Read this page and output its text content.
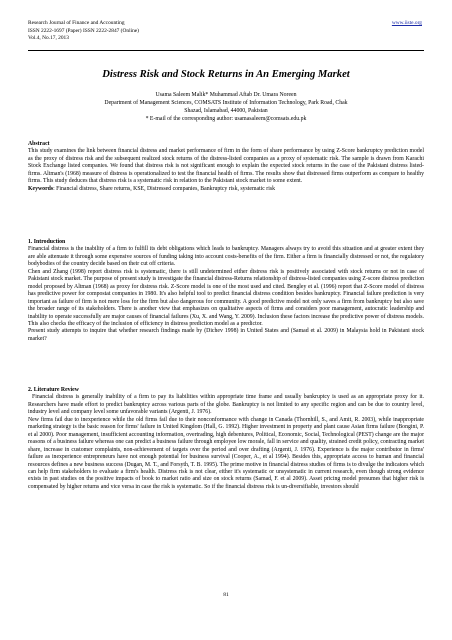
Research Journal of Finance and Accounting
ISSN 2222-1697 (Paper) ISSN 2222-2847 (Online)
Vol.4, No.17, 2013
www.iiste.org
Distress Risk and Stock Returns in An Emerging Market
Usama Saleem Malik* Muhammad Aftab Dr. Umara Noreen
Department of Management Sciences, COMSATS Institute of Information Technology, Park Road, Chak
Shazad, Islamabad, 44000, Pakistan
* E-mail of the corresponding author: usamasaleem@comsats.edu.pk
Abstract

This study examines the link between financial distress and market performance of firm in the form of share performance by using Z-Score bankruptcy prediction model as the proxy of distress risk and the subsequent realized stock returns of the distress-listed companies as a proxy of systematic risk. The sample is drawn from Karachi Stock Exchange listed companies. We found that distress risk is not significant enough to explain the expected stock returns in the case of the Pakistani distress listed-firms. Altman's (1968) measure of distress is operationalized to test the financial health of firms. The results show that distressed firms outperform as compare to healthy firms. This study deduces that distress risk is a systematic risk in relation to the Pakistani stock market to some extent.

Keywords: Financial distress, Share returns, KSE, Distressed companies, Bankruptcy risk, systematic risk

1. Introduction

Financial distress is the inability of a firm to fulfill its debt obligations which leads to bankruptcy. Managers always try to avoid this situation and at greater extent they are able attenuate it through some expensive sources of funding taking into account costs-benefits of the firm. Either a firm is financially distressed or not, the regulatory bodybodies of the country decide based on their cut off criteria.

Chen and Zhang (1998) report distress risk is systematic, there is still undetermined either distress risk is positively associated with stock returns or not in case of Pakistani stock market. The purpose of present study is investigate the financial distress-Returns relationship of distress-listed companies using Z-score distress prediction model proposed by Altman (1968) as proxy for distress risk. Z-Score model is one of the most used and cited. Bengley et al. (1996) report that Z-Score model of distress has predictive power for compostat companies in 1980. It's also helpful tool to predict financial distress condition besides bankruptcy. Financial failure prediction is very important as failure of firm is not mere loss for the firm but also dangerous for community. A good predictive model not only saves a firm from bankruptcy but also save the broader range of its stakeholders. There is another view that emphasizes on qualitative aspects of firms and considers poor management, autocratic leadership and inability to operate successfully are major causes of financial failures (Xu, X. and Wang, Y. 2009). Inclusion these factors increase the predictive power of distress models. This also checks the efficacy of the inclusion of efficiency in distress prediction model as a predictor.

Present study attempts to inquire that whether research findings made by (Dichev 1998) in United States and (Samad et al. 2009) in Malaysia hold in Pakistani stock market?

2. Literature Review

Financial distress is generally inability of a firm to pay its liabilities within appropriate time frame and usually bankruptcy is used as an appropriate proxy for it. Researchers have made effort to predict bankruptcy across various parts of the globe. Bankruptcy is not limited to any specific region and can be due to country level, industry level and company level some unfavorable variants (Argenti, J. 1976).

New firms fail due to inexperience while the old firms fail due to their nonconformance with change in Canada (Thornhill, S., and Amit, R. 2003), while inappropriate marketing strategy is the basic reason for firms' failure in United Kingdom (Hall, G. 1992). Higher investment in property and plant cause Asian firms failure (Bongini, P. et al 2000). Poor management, insufficient accounting information, overtrading, high debentures, Political, Economic, Social, Technological (PEST) change are the major reasons of a business failure whereas one can predict a business failure through employee low morale, fall in service and quality, strained credit policy, contracting market share, increase in customer complaints, non-achievement of targets over the period and over drafting (Argenti, J. 1976). Experience is the major contributor in firms' failure as inexperience entrepreneurs have not enough potential for business survival (Cooper, A., et al 1994). Besides this, appropriate access to human and financial resources defines a new business success (Dugan, M. T., and Forsyth, T. B. 1995). The prime motive in financial distress studies of firms is to divulge the indicators which can help firm stakeholders to evaluate a firm's health. Distress risk is not clear, either it's systematic or unsystematic in current research, even though strong evidence exists in past studies on the positive impacts of book to market ratio and size on stock returns (Samad, F. et al 2009). Asset pricing model presumes that higher risk is compensated by higher returns and vice versa in case the risk is systematic. So if the financial distress risk is un-diversifiable, investors should

81
